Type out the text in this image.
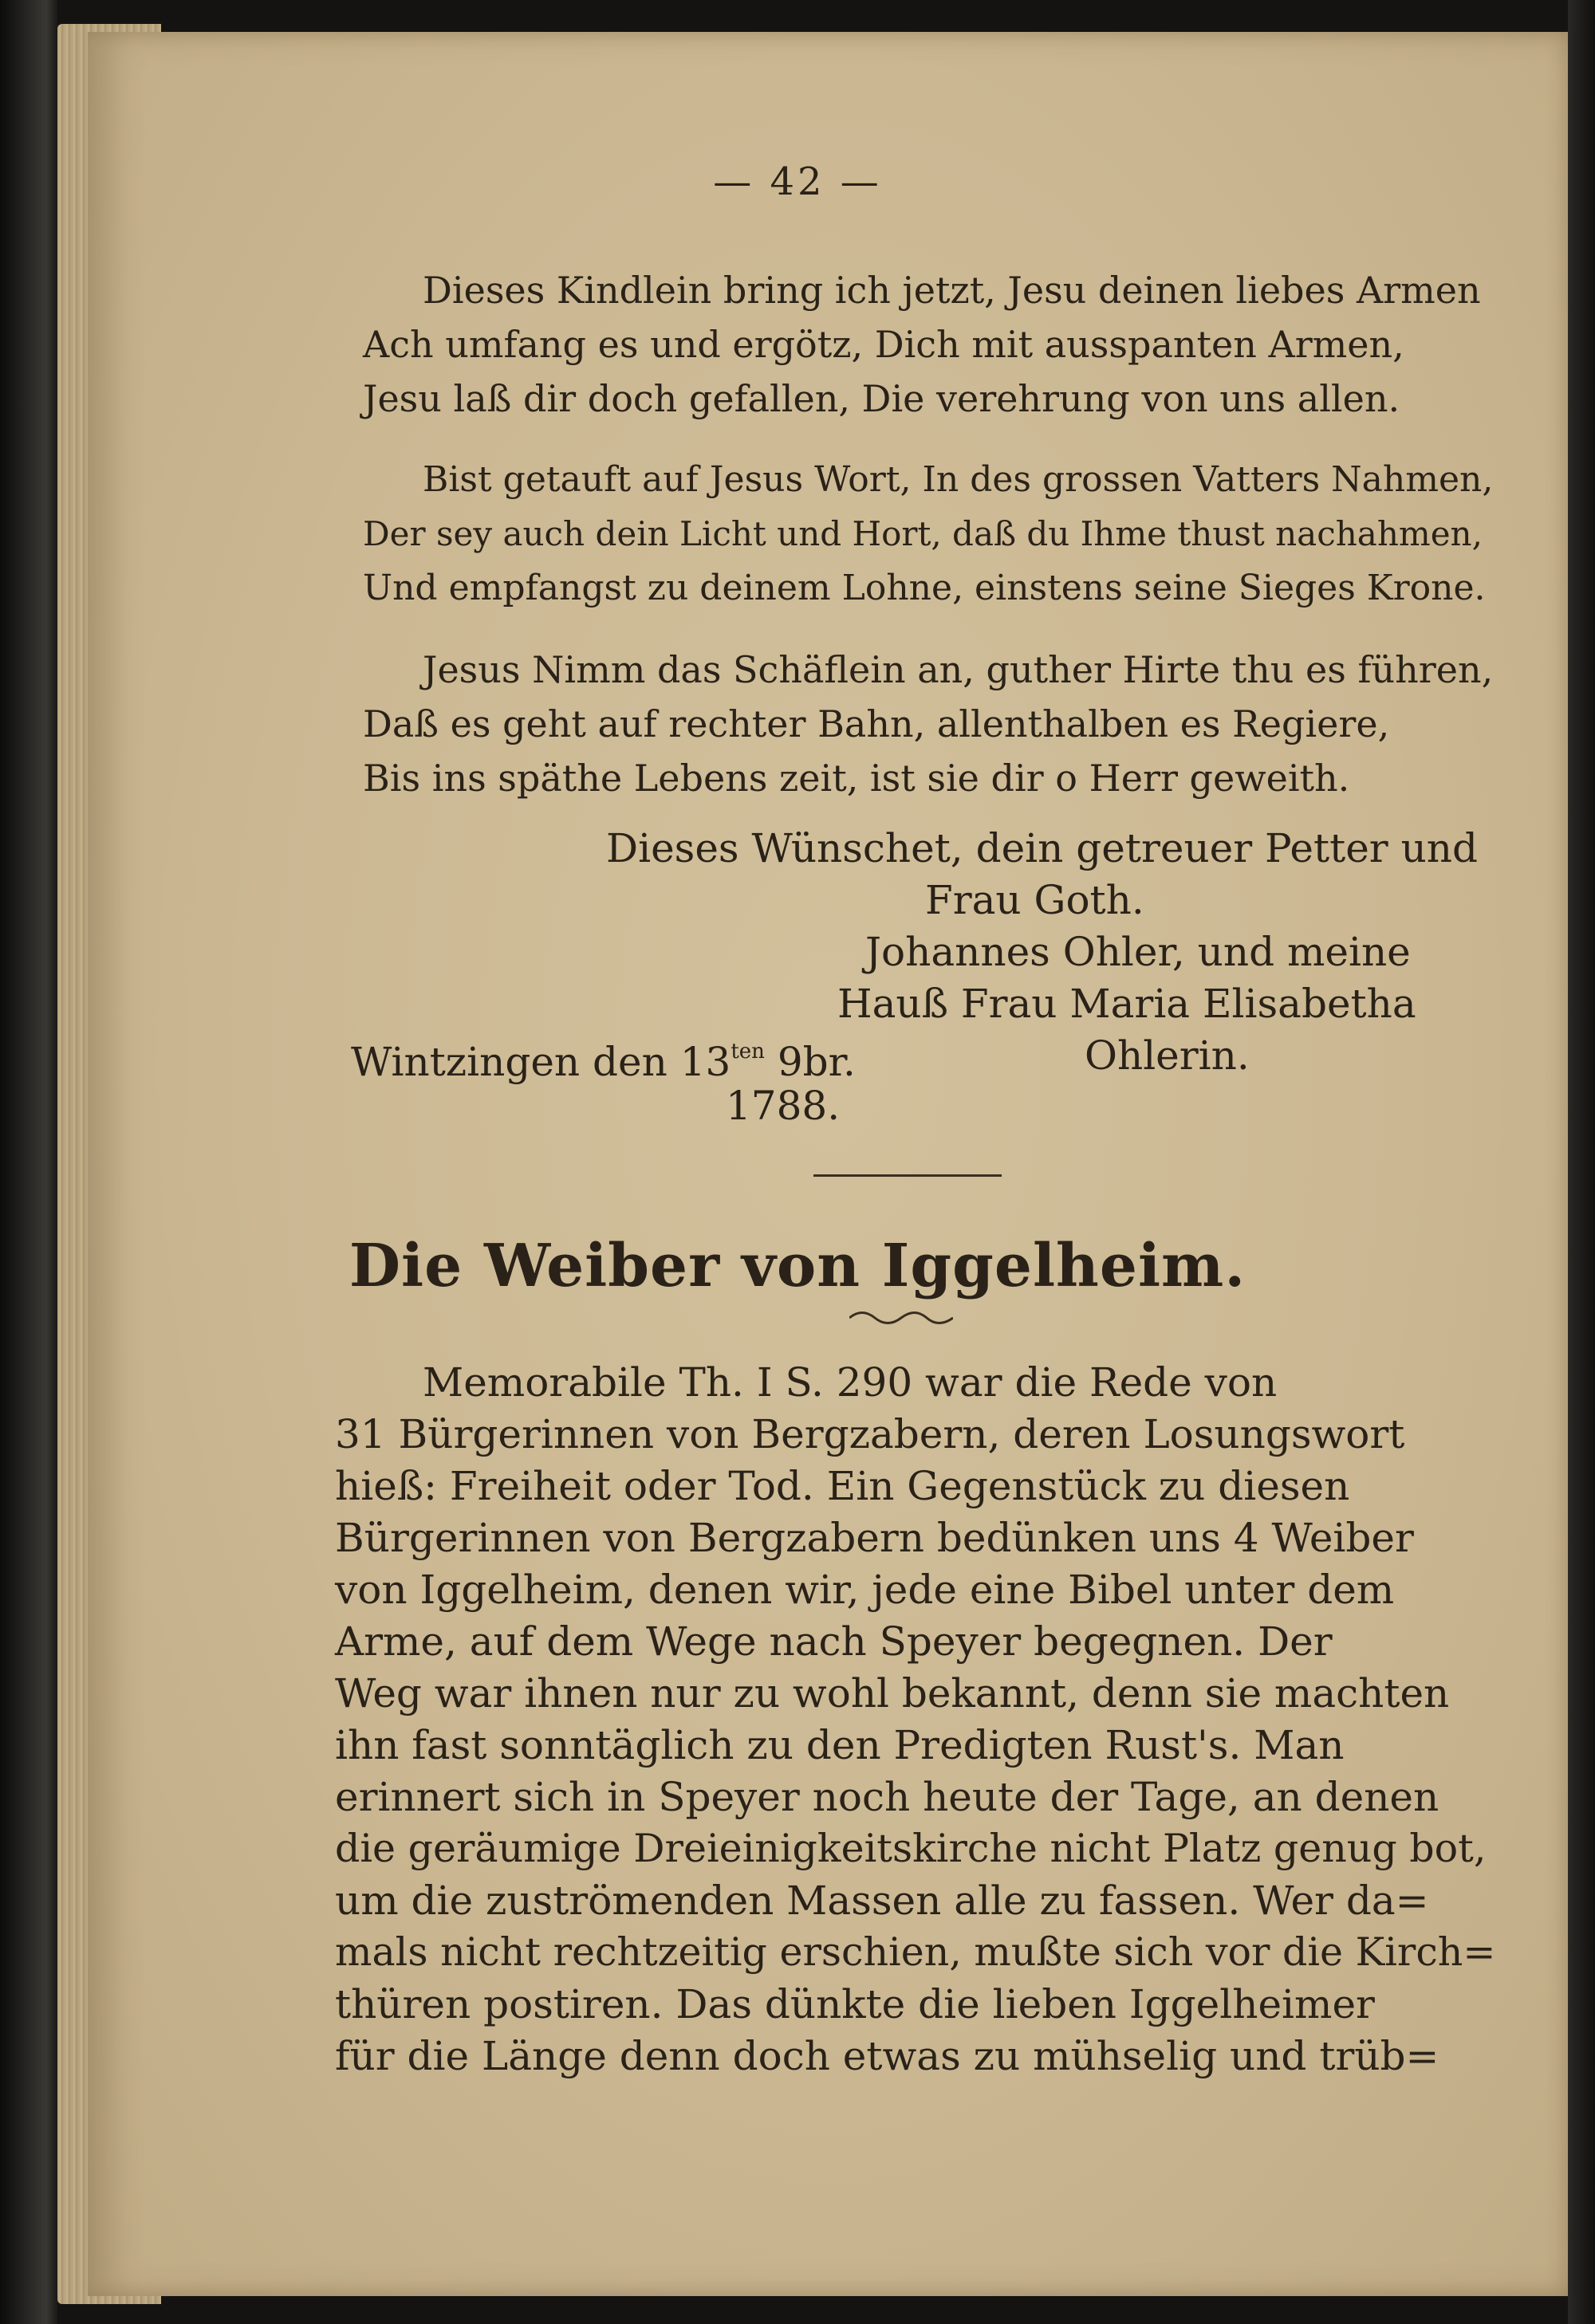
— 42 —
Dieses Kindlein bring ich jetzt, Jesu deinen liebes Armen
Ach umfang es und ergötz, Dich mit ausspanten Armen,
Jesu laß dir doch gefallen, Die verehrung von uns allen.
Bist getauft auf Jesus Wort, In des grossen Vatters Nahmen,
Der sey auch dein Licht und Hort, daß du Ihme thust nachahmen,
Und empfangst zu deinem Lohne, einstens seine Sieges Krone.
Jesus Nimm das Schäflein an, guther Hirte thu es führen,
Daß es geht auf rechter Bahn, allenthalben es Regiere,
Bis ins späthe Lebens zeit, ist sie dir o Herr geweith.
Dieses Wünschet, dein getreuer Petter und
Frau Goth.
Johannes Ohler, und meine
Hauß Frau Maria Elisabetha
Wintzingen den $13^{ten}$ 9br.	Ohlerin.
1788.
Die Weiber von Iggelheim.
Memorabile Th. I S. 290 war die Rede von
31 Bürgerinnen von Bergzabern, deren Losungswort
hieß: Freiheit oder Tod. Ein Gegenstück zu diesen
Bürgerinnen von Bergzabern bedünken uns 4 Weiber
von Iggelheim, denen wir, jede eine Bibel unter dem
Arme, auf dem Wege nach Speyer begegnen. Der
Weg war ihnen nur zu wohl bekannt, denn sie machten
ihn fast sonntäglich zu den Predigten Rust's. Man
erinnert sich in Speyer noch heute der Tage, an denen
die geräumige Dreieinigkeitskirche nicht Platz genug bot,
um die zuströmenden Massen alle zu fassen. Wer da=
mals nicht rechtzeitig erschien, mußte sich vor die Kirch=
thüren postiren. Das dünkte die lieben Iggelheimer
für die Länge denn doch etwas zu mühselig und trüb=
